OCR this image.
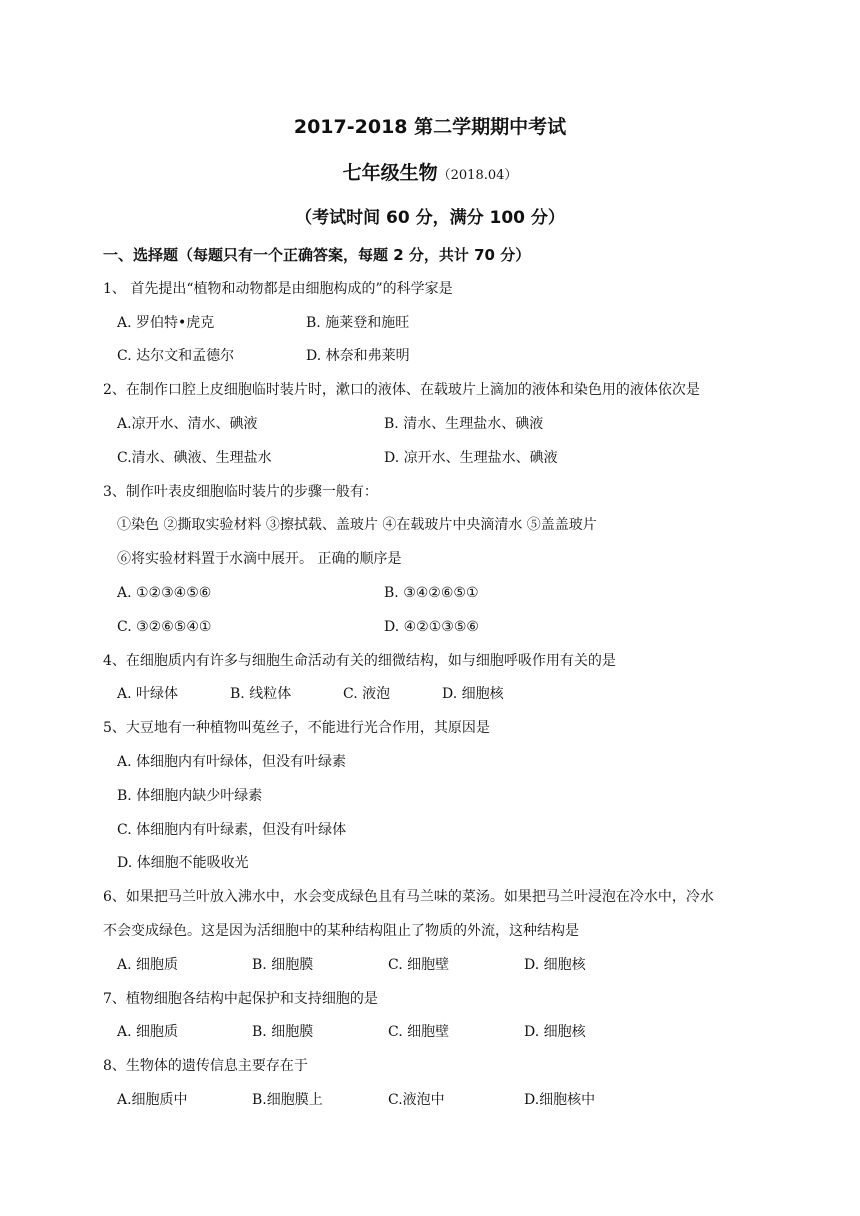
2017-2018 第二学期期中考试
七年级生物（2018.04）
（考试时间 60 分，满分 100 分）
一、选择题（每题只有一个正确答案，每题 2 分，共计 70 分）
1、 首先提出“植物和动物都是由细胞构成的”的科学家是
A. 罗伯特•虎克	B. 施莱登和施旺
C. 达尔文和孟德尔	D. 林奈和弗莱明
2、在制作口腔上皮细胞临时装片时，漱口的液体、在载玻片上滴加的液体和染色用的液体依次是
A.凉开水、清水、碘液	B. 清水、生理盐水、碘液
C.清水、碘液、生理盐水	D. 凉开水、生理盐水、碘液
3、制作叶表皮细胞临时装片的步骤一般有：
①染色 ②撕取实验材料 ③擦拭载、盖玻片 ④在载玻片中央滴清水 ⑤盖盖玻片
⑥将实验材料置于水滴中展开。 正确的顺序是
A. ①②③④⑤⑥	B. ③④②⑥⑤①
C. ③②⑥⑤④①	D. ④②①③⑤⑥
4、在细胞质内有许多与细胞生命活动有关的细微结构，如与细胞呼吸作用有关的是
A. 叶绿体	B. 线粒体	C. 液泡	D. 细胞核
5、大豆地有一种植物叫菟丝子，不能进行光合作用，其原因是
A. 体细胞内有叶绿体，但没有叶绿素
B. 体细胞内缺少叶绿素
C. 体细胞内有叶绿素，但没有叶绿体
D. 体细胞不能吸收光
6、如果把马兰叶放入沸水中，水会变成绿色且有马兰味的菜汤。如果把马兰叶浸泡在冷水中，冷水
不会变成绿色。这是因为活细胞中的某种结构阻止了物质的外流，这种结构是
A. 细胞质	B. 细胞膜	C. 细胞壁	D. 细胞核
7、植物细胞各结构中起保护和支持细胞的是
A. 细胞质	B. 细胞膜	C. 细胞壁	D. 细胞核
8、生物体的遗传信息主要存在于
A.细胞质中	B.细胞膜上	C.液泡中	D.细胞核中
